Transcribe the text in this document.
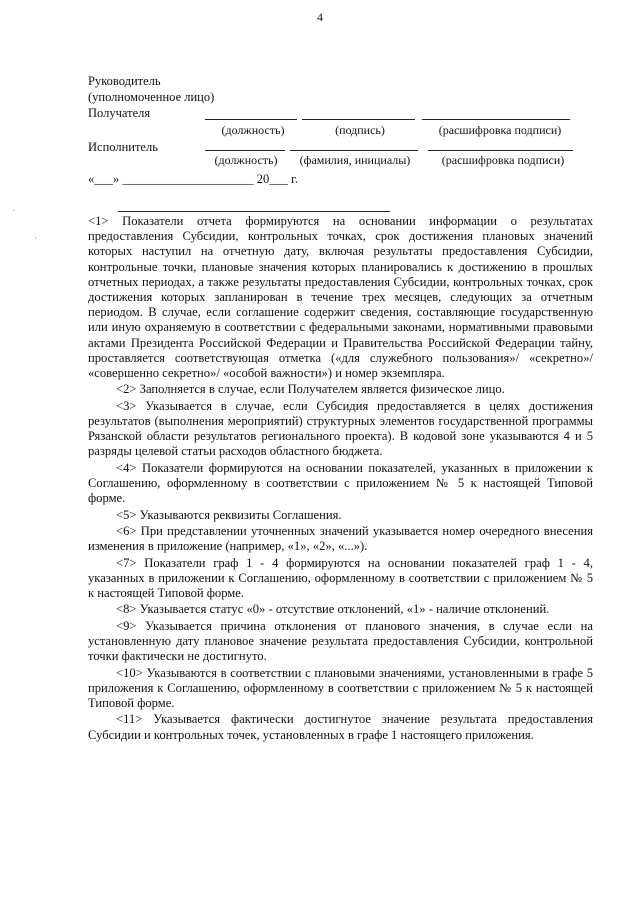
4
Руководитель
(уполномоченное лицо)
Получателя
(должность)	(подпись)	(расшифровка подписи)
Исполнитель
(должность)	(фамилия, инициалы)	(расшифровка подписи)
«___» _____________________ 20___ г.
·
ˈ

<1> Показатели отчета формируются на основании информации о результатах предоставления Субсидии, контрольных точках, срок достижения плановых значений которых наступил на отчетную дату, включая результаты предоставления Субсидии, контрольные точки, плановые значения которых планировались к достижению в прошлых отчетных периодах, а также результаты предоставления Субсидии, контрольных точках, срок достижения которых запланирован в течение трех месяцев, следующих за отчетным периодом. В случае, если соглашение содержит сведения, составляющие государственную или иную охраняемую в соответствии с федеральными законами, нормативными правовыми актами Президента Российской Федерации и Правительства Российской Федерации тайну, проставляется соответствующая отметка («для служебного пользования»/ «секретно»/ «совершенно секретно»/ «особой важности») и номер экземпляра.

<2> Заполняется в случае, если Получателем является физическое лицо.

<3> Указывается в случае, если Субсидия предоставляется в целях достижения результатов (выполнения мероприятий) структурных элементов государственной программы Рязанской области результатов регионального проекта). В кодовой зоне указываются 4 и 5 разряды целевой статьи расходов областного бюджета.

<4> Показатели формируются на основании показателей, указанных в приложении к Соглашению, оформленному в соответствии с приложением № 5 к настоящей Типовой форме.

<5> Указываются реквизиты Соглашения.

<6> При представлении уточненных значений указывается номер очередного внесения изменения в приложение (например, «1», «2», «...»).

<7> Показатели граф 1 - 4 формируются на основании показателей граф 1 - 4, указанных в приложении к Соглашению, оформленному в соответствии с приложением № 5 к настоящей Типовой форме.

<8> Указывается статус «0» - отсутствие отклонений, «1» - наличие отклонений.

<9> Указывается причина отклонения от планового значения, в случае если на установленную дату плановое значение результата предоставления Субсидии, контрольной точки фактически не достигнуто.

<10> Указываются в соответствии с плановыми значениями, установленными в графе 5 приложения к Соглашению, оформленному в соответствии с приложением № 5 к настоящей Типовой форме.

<11> Указывается фактически достигнутое значение результата предоставления Субсидии и контрольных точек, установленных в графе 1 настоящего приложения.
